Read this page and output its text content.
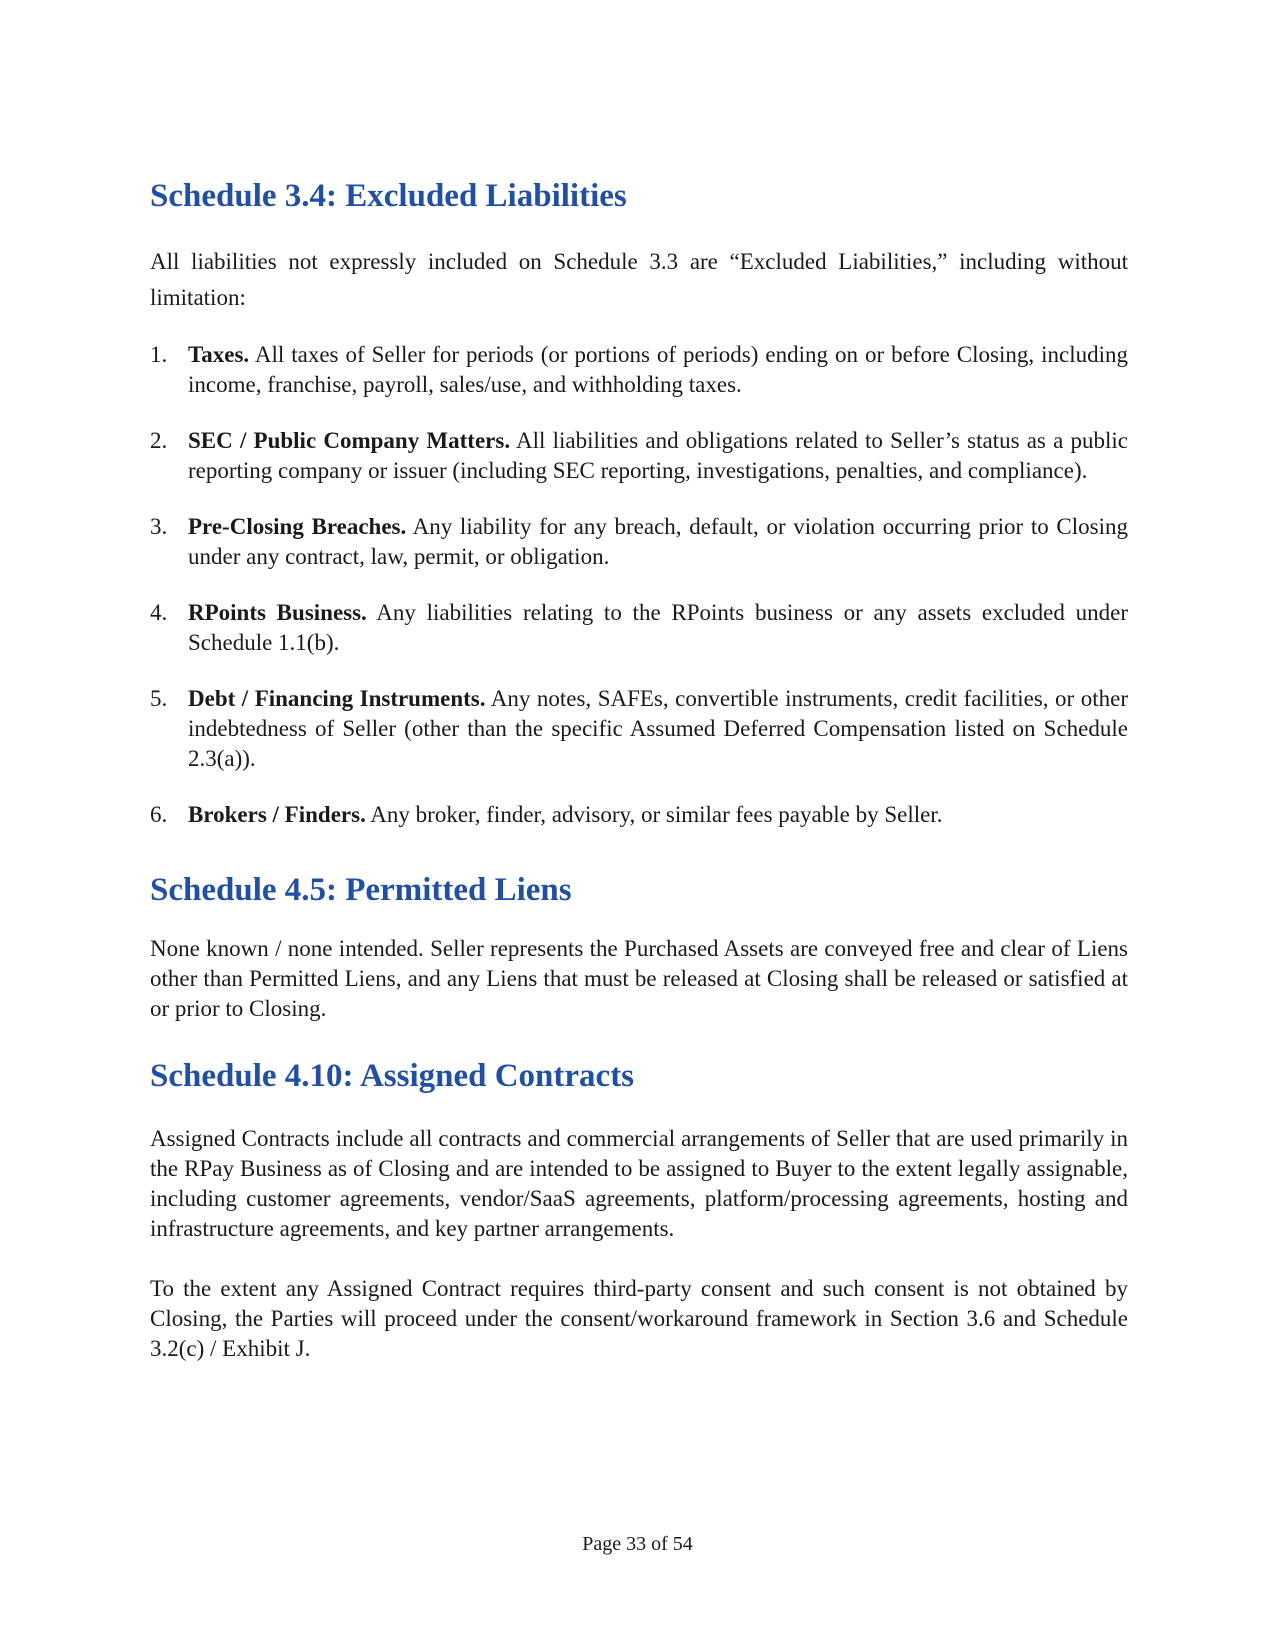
Schedule 3.4: Excluded Liabilities

All liabilities not expressly included on Schedule 3.3 are “Excluded Liabilities,” including without limitation:

1. Taxes. All taxes of Seller for periods (or portions of periods) ending on or before Closing, including income, franchise, payroll, sales/use, and withholding taxes.
2. SEC / Public Company Matters. All liabilities and obligations related to Seller’s status as a public reporting company or issuer (including SEC reporting, investigations, penalties, and compliance).
3. Pre-Closing Breaches. Any liability for any breach, default, or violation occurring prior to Closing under any contract, law, permit, or obligation.
4. RPoints Business. Any liabilities relating to the RPoints business or any assets excluded under Schedule 1.1(b).
5. Debt / Financing Instruments. Any notes, SAFEs, convertible instruments, credit facilities, or other indebtedness of Seller (other than the specific Assumed Deferred Compensation listed on Schedule 2.3(a)).
6. Brokers / Finders. Any broker, finder, advisory, or similar fees payable by Seller.
Schedule 4.5: Permitted Liens

None known / none intended. Seller represents the Purchased Assets are conveyed free and clear of Liens other than Permitted Liens, and any Liens that must be released at Closing shall be released or satisfied at or prior to Closing.

Schedule 4.10: Assigned Contracts

Assigned Contracts include all contracts and commercial arrangements of Seller that are used primarily in the RPay Business as of Closing and are intended to be assigned to Buyer to the extent legally assignable, including customer agreements, vendor/SaaS agreements, platform/processing agreements, hosting and infrastructure agreements, and key partner arrangements.

To the extent any Assigned Contract requires third-party consent and such consent is not obtained by Closing, the Parties will proceed under the consent/workaround framework in Section 3.6 and Schedule 3.2(c) / Exhibit J.

Page 33 of 54
